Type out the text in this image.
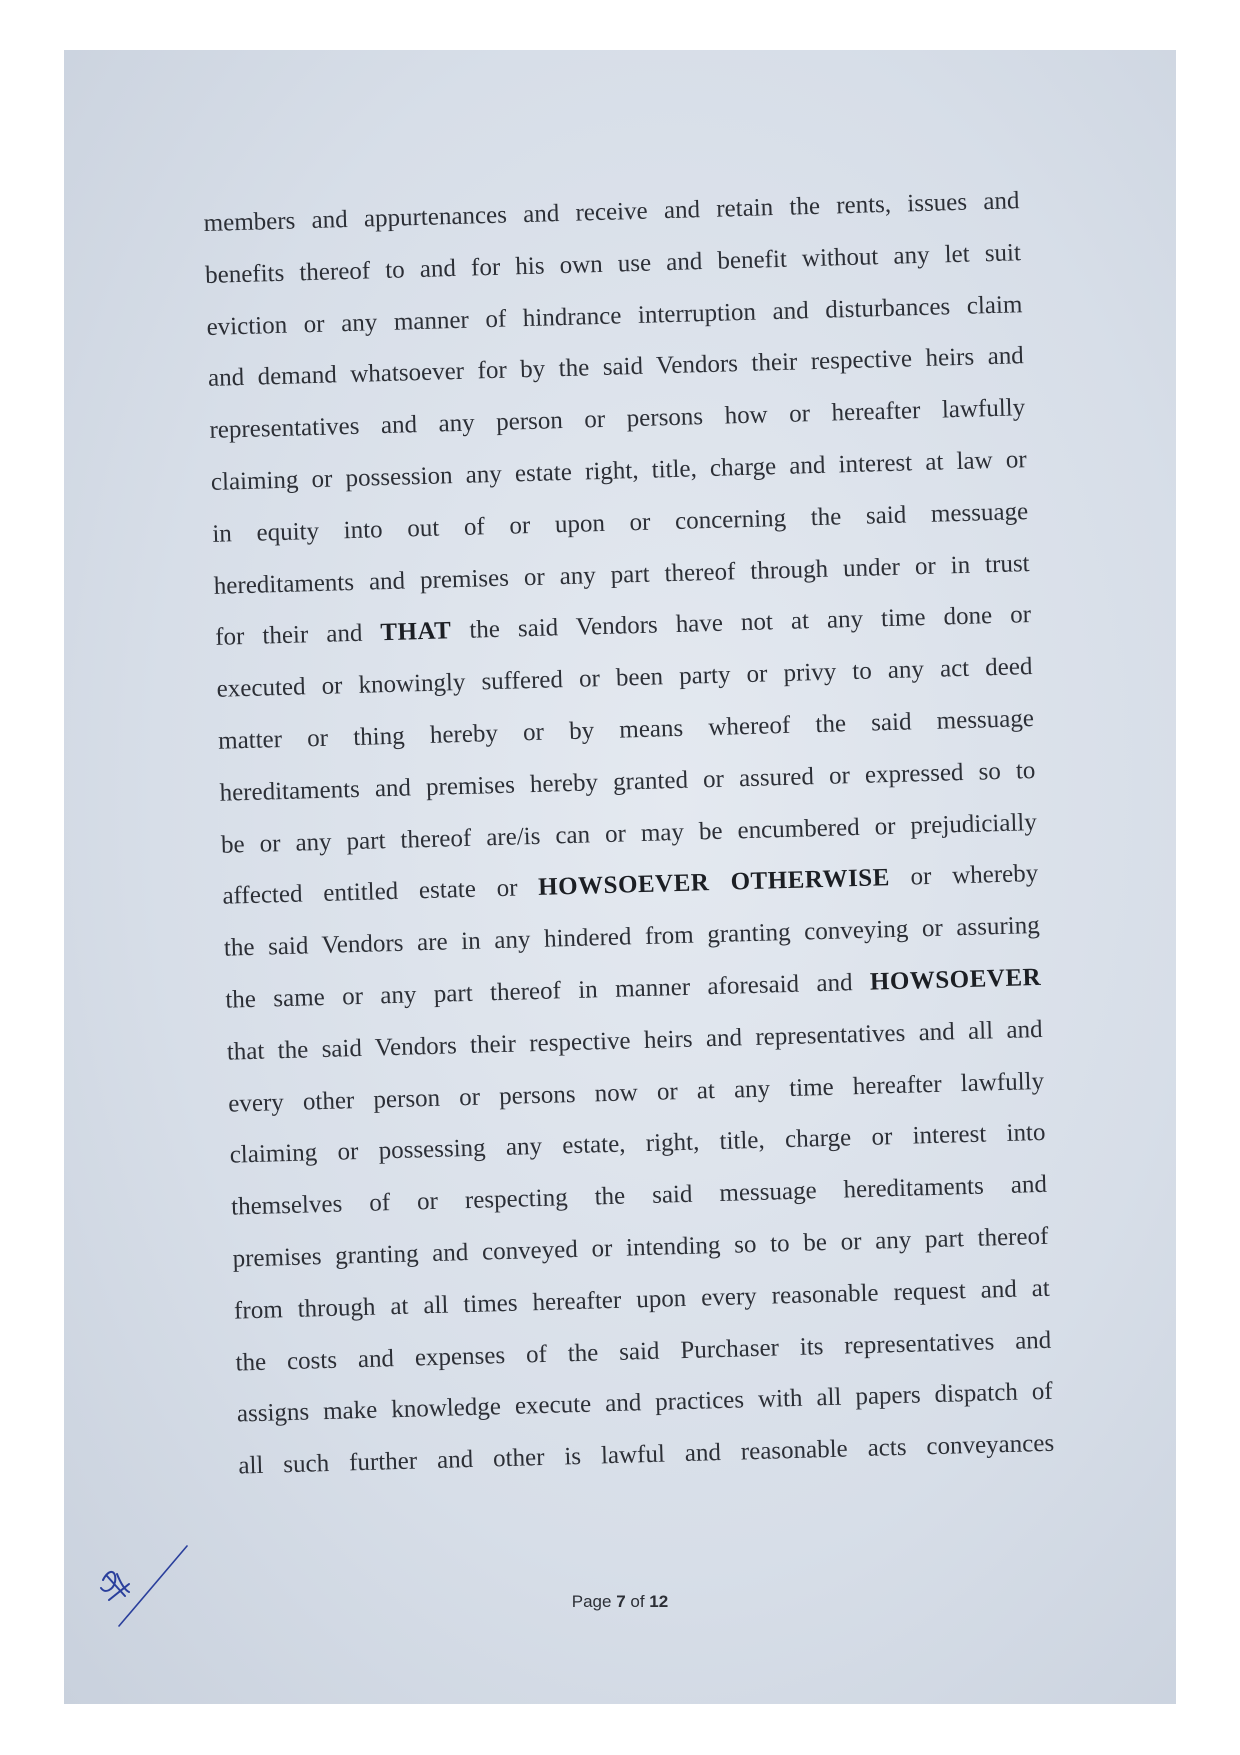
members and appurtenances and receive and retain the rents, issues and
benefits thereof to and for his own use and benefit without any let suit
eviction or any manner of hindrance interruption and disturbances claim
and demand whatsoever for by the said Vendors their respective heirs and
representatives and any person or persons how or hereafter lawfully
claiming or possession any estate right, title, charge and interest at law or
in equity into out of or upon or concerning the said messuage
hereditaments and premises or any part thereof through under or in trust
for their and THAT the said Vendors have not at any time done or
executed or knowingly suffered or been party or privy to any act deed
matter or thing hereby or by means whereof the said messuage
hereditaments and premises hereby granted or assured or expressed so to
be or any part thereof are/is can or may be encumbered or prejudicially
affected entitled estate or HOWSOEVER OTHERWISE or whereby
the said Vendors are in any hindered from granting conveying or assuring
the same or any part thereof in manner aforesaid and HOWSOEVER
that the said Vendors their respective heirs and representatives and all and
every other person or persons now or at any time hereafter lawfully
claiming or possessing any estate, right, title, charge or interest into
themselves of or respecting the said messuage hereditaments and
premises granting and conveyed or intending so to be or any part thereof
from through at all times hereafter upon every reasonable request and at
the costs and expenses of the said Purchaser its representatives and
assigns make knowledge execute and practices with all papers dispatch of
all such further and other is lawful and reasonable acts conveyances
Page 7 of 12
